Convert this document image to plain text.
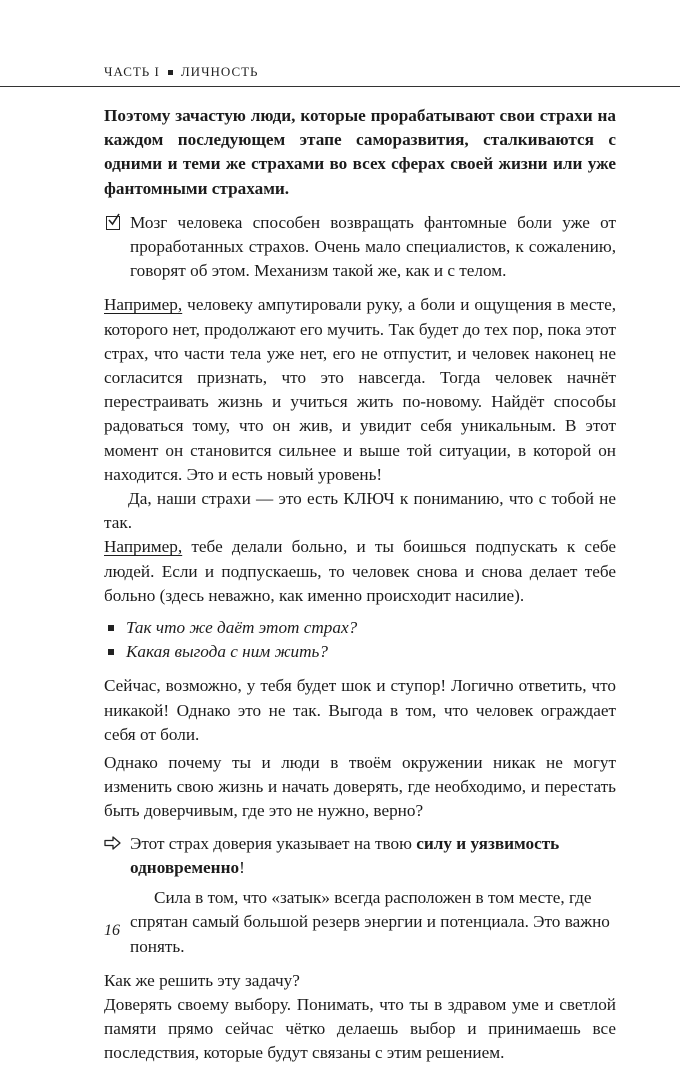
ЧАСТЬ I ЛИЧНОСТЬ

Поэтому зачастую люди, которые прорабатывают свои страхи на каждом последующем этапе саморазвития, сталкиваются с одними и теми же страхами во всех сферах своей жизни или уже фантомными страхами.

Мозг человека способен возвращать фантомные боли уже от проработанных страхов. Очень мало специалистов, к сожалению, говорят об этом. Механизм такой же, как и с телом.

Например, человеку ампутировали руку, а боли и ощущения в месте, которого нет, продолжают его мучить. Так будет до тех пор, пока этот страх, что части тела уже нет, его не отпустит, и человек наконец не согласится признать, что это навсегда. Тогда человек начнёт перестраивать жизнь и учиться жить по-новому. Найдёт способы радоваться тому, что он жив, и увидит себя уникальным. В этот момент он становится сильнее и выше той ситуации, в которой он находится. Это и есть новый уровень!

Да, наши страхи — это есть КЛЮЧ к пониманию, что с тобой не так.

Например, тебе делали больно, и ты боишься подпускать к себе людей. Если и подпускаешь, то человек снова и снова делает тебе больно (здесь неважно, как именно происходит насилие).

Так что же даёт этот страх?
Какая выгода с ним жить?

Сейчас, возможно, у тебя будет шок и ступор! Логично ответить, что никакой! Однако это не так. Выгода в том, что человек ограждает себя от боли.

Однако почему ты и люди в твоём окружении никак не могут изменить свою жизнь и начать доверять, где необходимо, и перестать быть доверчивым, где это не нужно, верно?

Этот страх доверия указывает на твою силу и уязвимость одновременно!

Сила в том, что «затык» всегда расположен в том месте, где спрятан самый большой резерв энергии и потенциала. Это важно понять.

Как же решить эту задачу?

Доверять своему выбору. Понимать, что ты в здравом уме и светлой памяти прямо сейчас чётко делаешь выбор и принимаешь все последствия, которые будут связаны с этим решением.

16
